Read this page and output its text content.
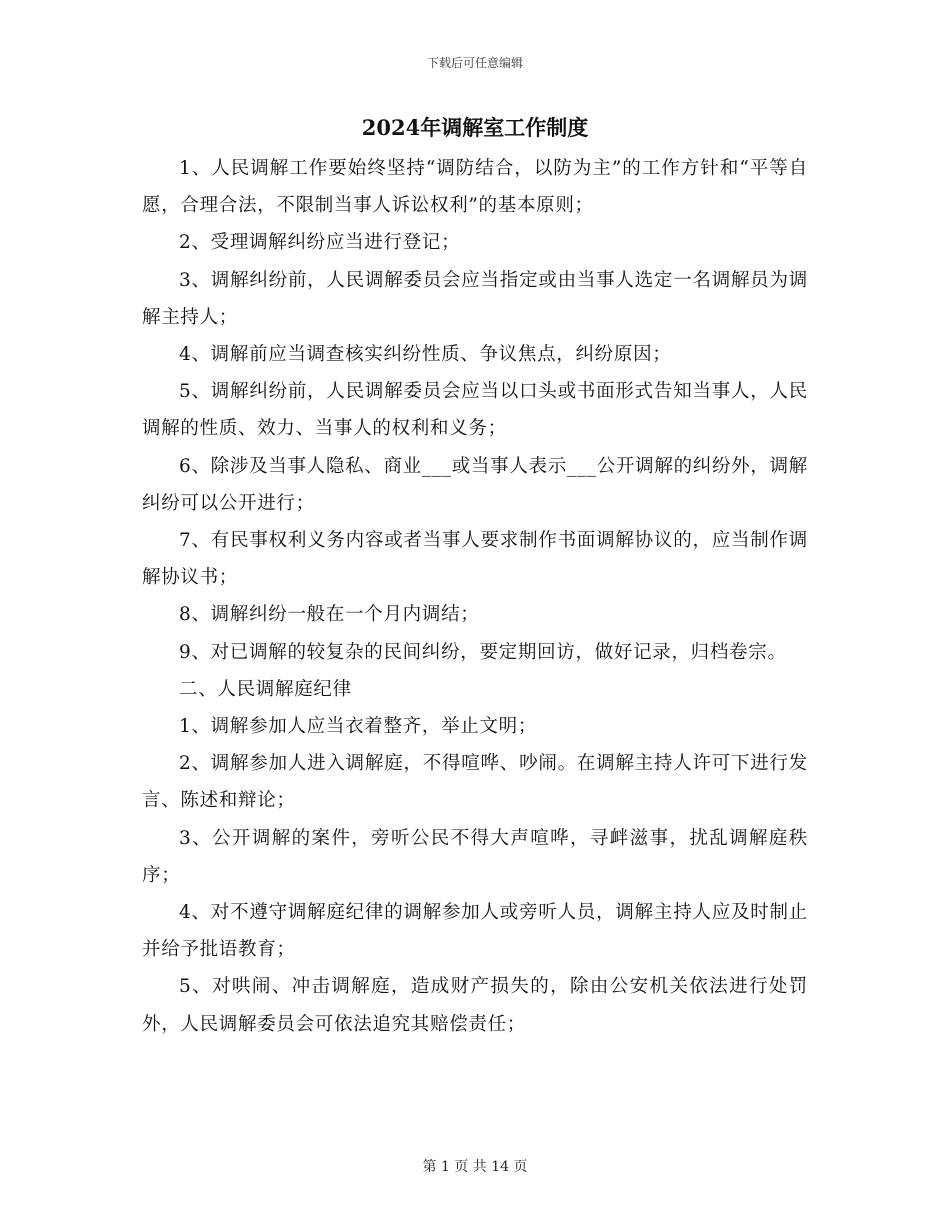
下载后可任意编辑
2024年调解室工作制度

1、人民调解工作要始终坚持“调防结合，以防为主”的工作方针和“平等自愿，合理合法，不限制当事人诉讼权利”的基本原则；

2、受理调解纠纷应当进行登记；

3、调解纠纷前，人民调解委员会应当指定或由当事人选定一名调解员为调解主持人；

4、调解前应当调查核实纠纷性质、争议焦点，纠纷原因；

5、调解纠纷前，人民调解委员会应当以口头或书面形式告知当事人，人民调解的性质、效力、当事人的权利和义务；

6、除涉及当事人隐私、商业___或当事人表示___公开调解的纠纷外，调解纠纷可以公开进行；

7、有民事权利义务内容或者当事人要求制作书面调解协议的，应当制作调解协议书；

8、调解纠纷一般在一个月内调结；

9、对已调解的较复杂的民间纠纷，要定期回访，做好记录，归档卷宗。

二、人民调解庭纪律

1、调解参加人应当衣着整齐，举止文明；

2、调解参加人进入调解庭，不得喧哗、吵闹。在调解主持人许可下进行发言、陈述和辩论；

3、公开调解的案件，旁听公民不得大声喧哗，寻衅滋事，扰乱调解庭秩序；

4、对不遵守调解庭纪律的调解参加人或旁听人员，调解主持人应及时制止并给予批语教育；

5、对哄闹、冲击调解庭，造成财产损失的，除由公安机关依法进行处罚外，人民调解委员会可依法追究其赔偿责任；

第 1 页 共 14 页
